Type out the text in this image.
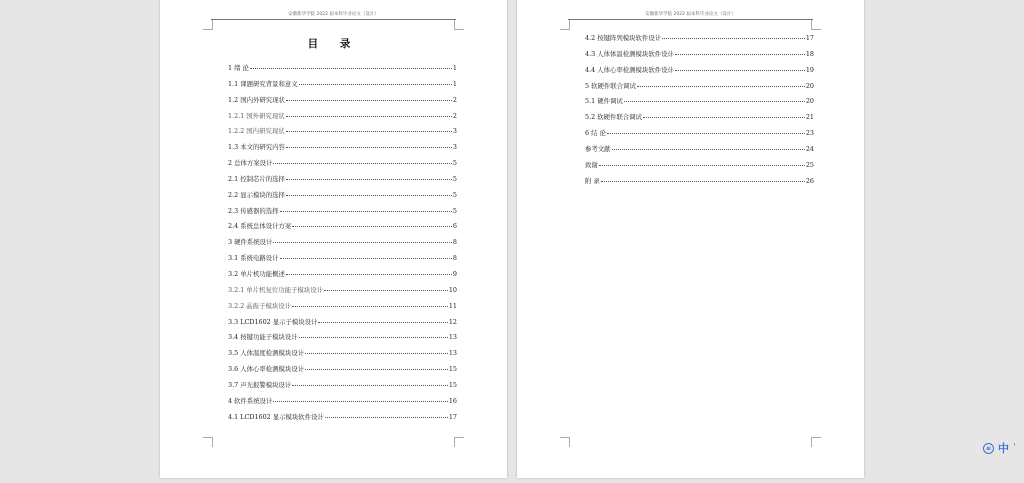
安徽新华学院 2022 届本科毕业论文（设计）
目 录
1 绪 论	1
1.1 课题研究背景和意义	1
1.2 国内外研究现状	2
1.2.1 国外研究现状	2
1.2.2 国内研究现状	3
1.3 本文的研究内容	3
2 总体方案设计	5
2.1 控制芯片的选择	5
2.2 显示模块的选择	5
2.3 传感器的选择	5
2.4 系统总体设计方案	6
3 硬件系统设计	8
3.1 系统电路设计	8
3.2 单片机功能概述	9
3.2.1 单片机复位功能子模块设计	10
3.2.2 晶振子模块设计	11
3.3 LCD1602 显示子模块设计	12
3.4 按键功能子模块设计	13
3.5 人体温度检测模块设计	13
3.6 人体心率检测模块设计	15
3.7 声光报警模块设计	15
4 软件系统设计	16
4.1 LCD1602 显示模块软件设计	17
安徽新华学院 2022 届本科毕业论文（设计）
4.2 按键阵列模块软件设计	17
4.3 人体体温检测模块软件设计	18
4.4 人体心率检测模块软件设计	19
5 软硬件联合调试	20
5.1 硬件调试	20
5.2 软硬件联合调试	21
6 结 论	23
参考文献	24
致谢	25
附 录	26
AI 中 ’
